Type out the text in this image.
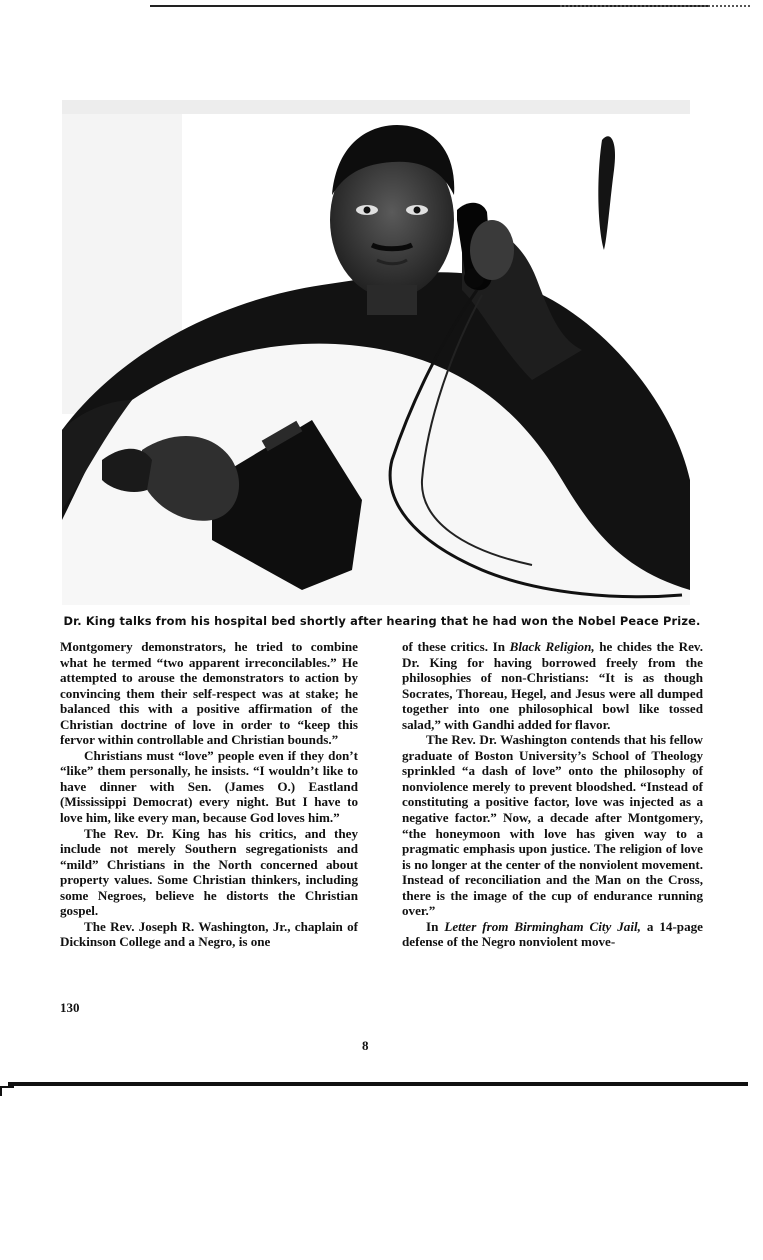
Dr. King talks from his hospital bed shortly after hearing that he had won the Nobel Peace Prize.

Montgomery demonstrators, he tried to combine what he termed “two apparent irreconcilables.” He attempted to arouse the demonstrators to action by convincing them their self-respect was at stake; he balanced this with a positive affirmation of the Christian doctrine of love in order to “keep this fervor within controllable and Christian bounds.”

Christians must “love” people even if they don’t “like” them personally, he insists. “I wouldn’t like to have dinner with Sen. (James O.) Eastland (Mississippi Democrat) every night. But I have to love him, like every man, because God loves him.”

The Rev. Dr. King has his critics, and they include not merely Southern segregationists and “mild” Christians in the North concerned about property values. Some Christian thinkers, including some Negroes, believe he distorts the Christian gospel.

The Rev. Joseph R. Washington, Jr., chaplain of Dickinson College and a Negro, is one

of these critics. In Black Religion, he chides the Rev. Dr. King for having borrowed freely from the philosophies of non-Christians: “It is as though Socrates, Thoreau, Hegel, and Jesus were all dumped together into one philosophical bowl like tossed salad,” with Gandhi added for flavor.

The Rev. Dr. Washington contends that his fellow graduate of Boston University’s School of Theology sprinkled “a dash of love” onto the philosophy of nonviolence merely to prevent bloodshed. “Instead of constituting a positive factor, love was injected as a negative factor.” Now, a decade after Montgomery, “the honeymoon with love has given way to a pragmatic emphasis upon justice. The religion of love is no longer at the center of the nonviolent movement. Instead of reconciliation and the Man on the Cross, there is the image of the cup of endurance running over.”

In Letter from Birmingham City Jail, a 14-page defense of the Negro nonviolent move-

130
8
